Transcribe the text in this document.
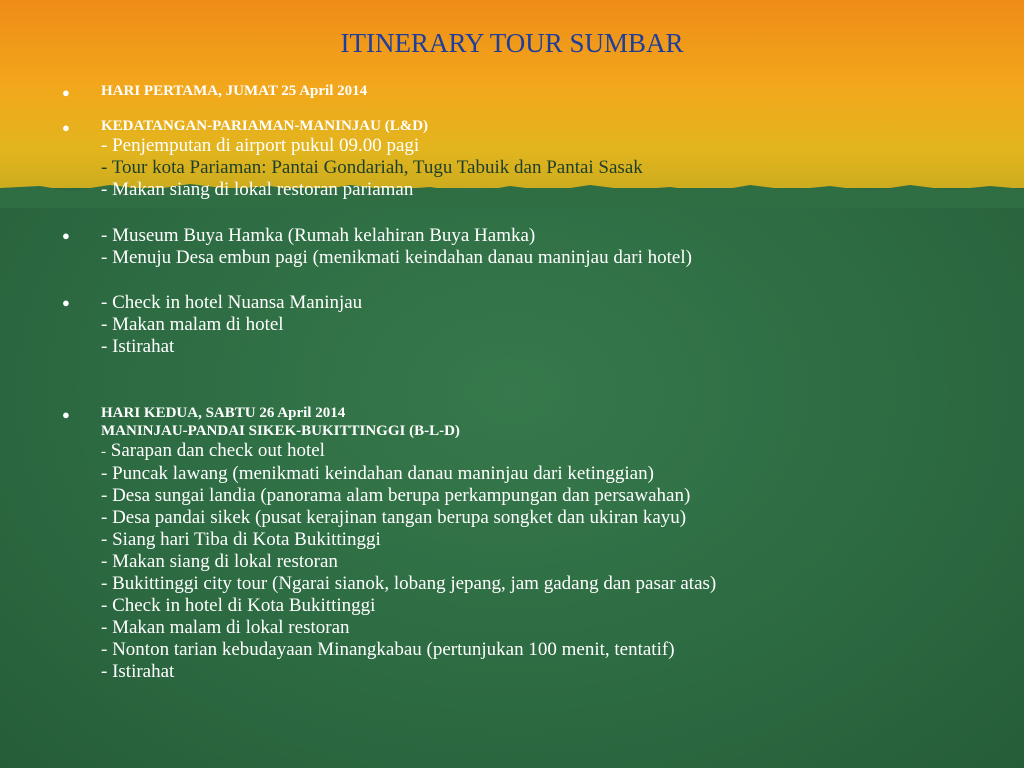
ITINERARY TOUR SUMBAR
● HARI PERTAMA, JUMAT 25 April 2014
● KEDATANGAN-PARIAMAN-MANINJAU (L&D)
- Penjemputan di airport pukul 09.00 pagi
- Tour kota Pariaman: Pantai Gondariah, Tugu Tabuik dan Pantai Sasak
- Makan siang di lokal restoran pariaman
● - Museum Buya Hamka (Rumah kelahiran Buya Hamka)
- Menuju Desa embun pagi (menikmati keindahan danau maninjau dari hotel)
● - Check in hotel Nuansa Maninjau
- Makan malam di hotel
- Istirahat
● HARI KEDUA, SABTU 26 April 2014
MANINJAU-PANDAI SIKEK-BUKITTINGGI (B-L-D)
- Sarapan dan check out hotel
- Puncak lawang (menikmati keindahan danau maninjau dari ketinggian)
- Desa sungai landia (panorama alam berupa perkampungan dan persawahan)
- Desa pandai sikek (pusat kerajinan tangan berupa songket dan ukiran kayu)
- Siang hari Tiba di Kota Bukittinggi
- Makan siang di lokal restoran
- Bukittinggi city tour (Ngarai sianok, lobang jepang, jam gadang dan pasar atas)
- Check in hotel di Kota Bukittinggi
- Makan malam di lokal restoran
- Nonton tarian kebudayaan Minangkabau (pertunjukan 100 menit, tentatif)
- Istirahat
